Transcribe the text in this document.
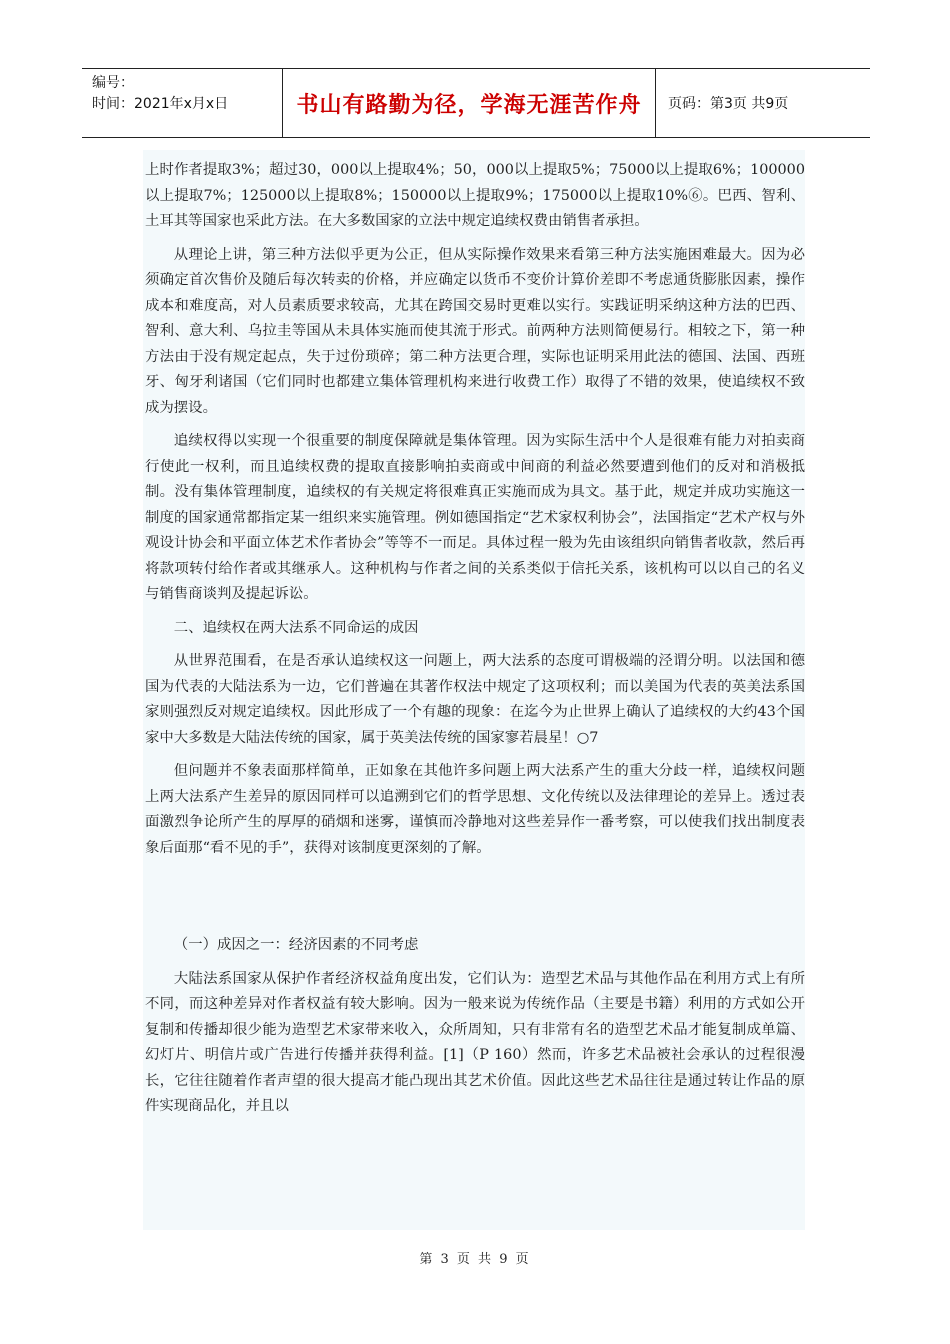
编号：
时间：2021年x月x日	书山有路勤为径，学海无涯苦作舟	页码：第3页 共9页

上时作者提取3%；超过30，000以上提取4%；50，000以上提取5%；75000以上提取6%；100000以上提取7%；125000以上提取8%；150000以上提取9%；175000以上提取10%⑥。巴西、智利、土耳其等国家也采此方法。在大多数国家的立法中规定追续权费由销售者承担。

从理论上讲，第三种方法似乎更为公正，但从实际操作效果来看第三种方法实施困难最大。因为必须确定首次售价及随后每次转卖的价格，并应确定以货币不变价计算价差即不考虑通货膨胀因素，操作成本和难度高，对人员素质要求较高，尤其在跨国交易时更难以实行。实践证明采纳这种方法的巴西、智利、意大利、乌拉圭等国从未具体实施而使其流于形式。前两种方法则简便易行。相较之下，第一种方法由于没有规定起点，失于过份琐碎；第二种方法更合理，实际也证明采用此法的德国、法国、西班牙、匈牙利诸国（它们同时也都建立集体管理机构来进行收费工作）取得了不错的效果，使追续权不致成为摆设。

追续权得以实现一个很重要的制度保障就是集体管理。因为实际生活中个人是很难有能力对拍卖商行使此一权利，而且追续权费的提取直接影响拍卖商或中间商的利益必然要遭到他们的反对和消极抵制。没有集体管理制度，追续权的有关规定将很难真正实施而成为具文。基于此，规定并成功实施这一制度的国家通常都指定某一组织来实施管理。例如德国指定“艺术家权利协会”，法国指定“艺术产权与外观设计协会和平面立体艺术作者协会”等等不一而足。具体过程一般为先由该组织向销售者收款，然后再将款项转付给作者或其继承人。这种机构与作者之间的关系类似于信托关系，该机构可以以自己的名义与销售商谈判及提起诉讼。

二、追续权在两大法系不同命运的成因

从世界范围看，在是否承认追续权这一问题上，两大法系的态度可谓极端的泾谓分明。以法国和德国为代表的大陆法系为一边，它们普遍在其著作权法中规定了这项权利；而以美国为代表的英美法系国家则强烈反对规定追续权。因此形成了一个有趣的现象：在迄今为止世界上确认了追续权的大约43个国家中大多数是大陆法传统的国家，属于英美法传统的国家寥若晨星！○7

但问题并不象表面那样简单，正如象在其他许多问题上两大法系产生的重大分歧一样，追续权问题上两大法系产生差异的原因同样可以追溯到它们的哲学思想、文化传统以及法律理论的差异上。透过表面激烈争论所产生的厚厚的硝烟和迷雾，谨慎而冷静地对这些差异作一番考察，可以使我们找出制度表象后面那“看不见的手”，获得对该制度更深刻的了解。

（一）成因之一：经济因素的不同考虑

大陆法系国家从保护作者经济权益角度出发，它们认为：造型艺术品与其他作品在利用方式上有所不同，而这种差异对作者权益有较大影响。因为一般来说为传统作品（主要是书籍）利用的方式如公开复制和传播却很少能为造型艺术家带来收入，众所周知，只有非常有名的造型艺术品才能复制成单篇、幻灯片、明信片或广告进行传播并获得利益。[1]（P 160）然而，许多艺术品被社会承认的过程很漫长，它往往随着作者声望的很大提高才能凸现出其艺术价值。因此这些艺术品往往是通过转让作品的原件实现商品化，并且以

第 3 页 共 9 页
